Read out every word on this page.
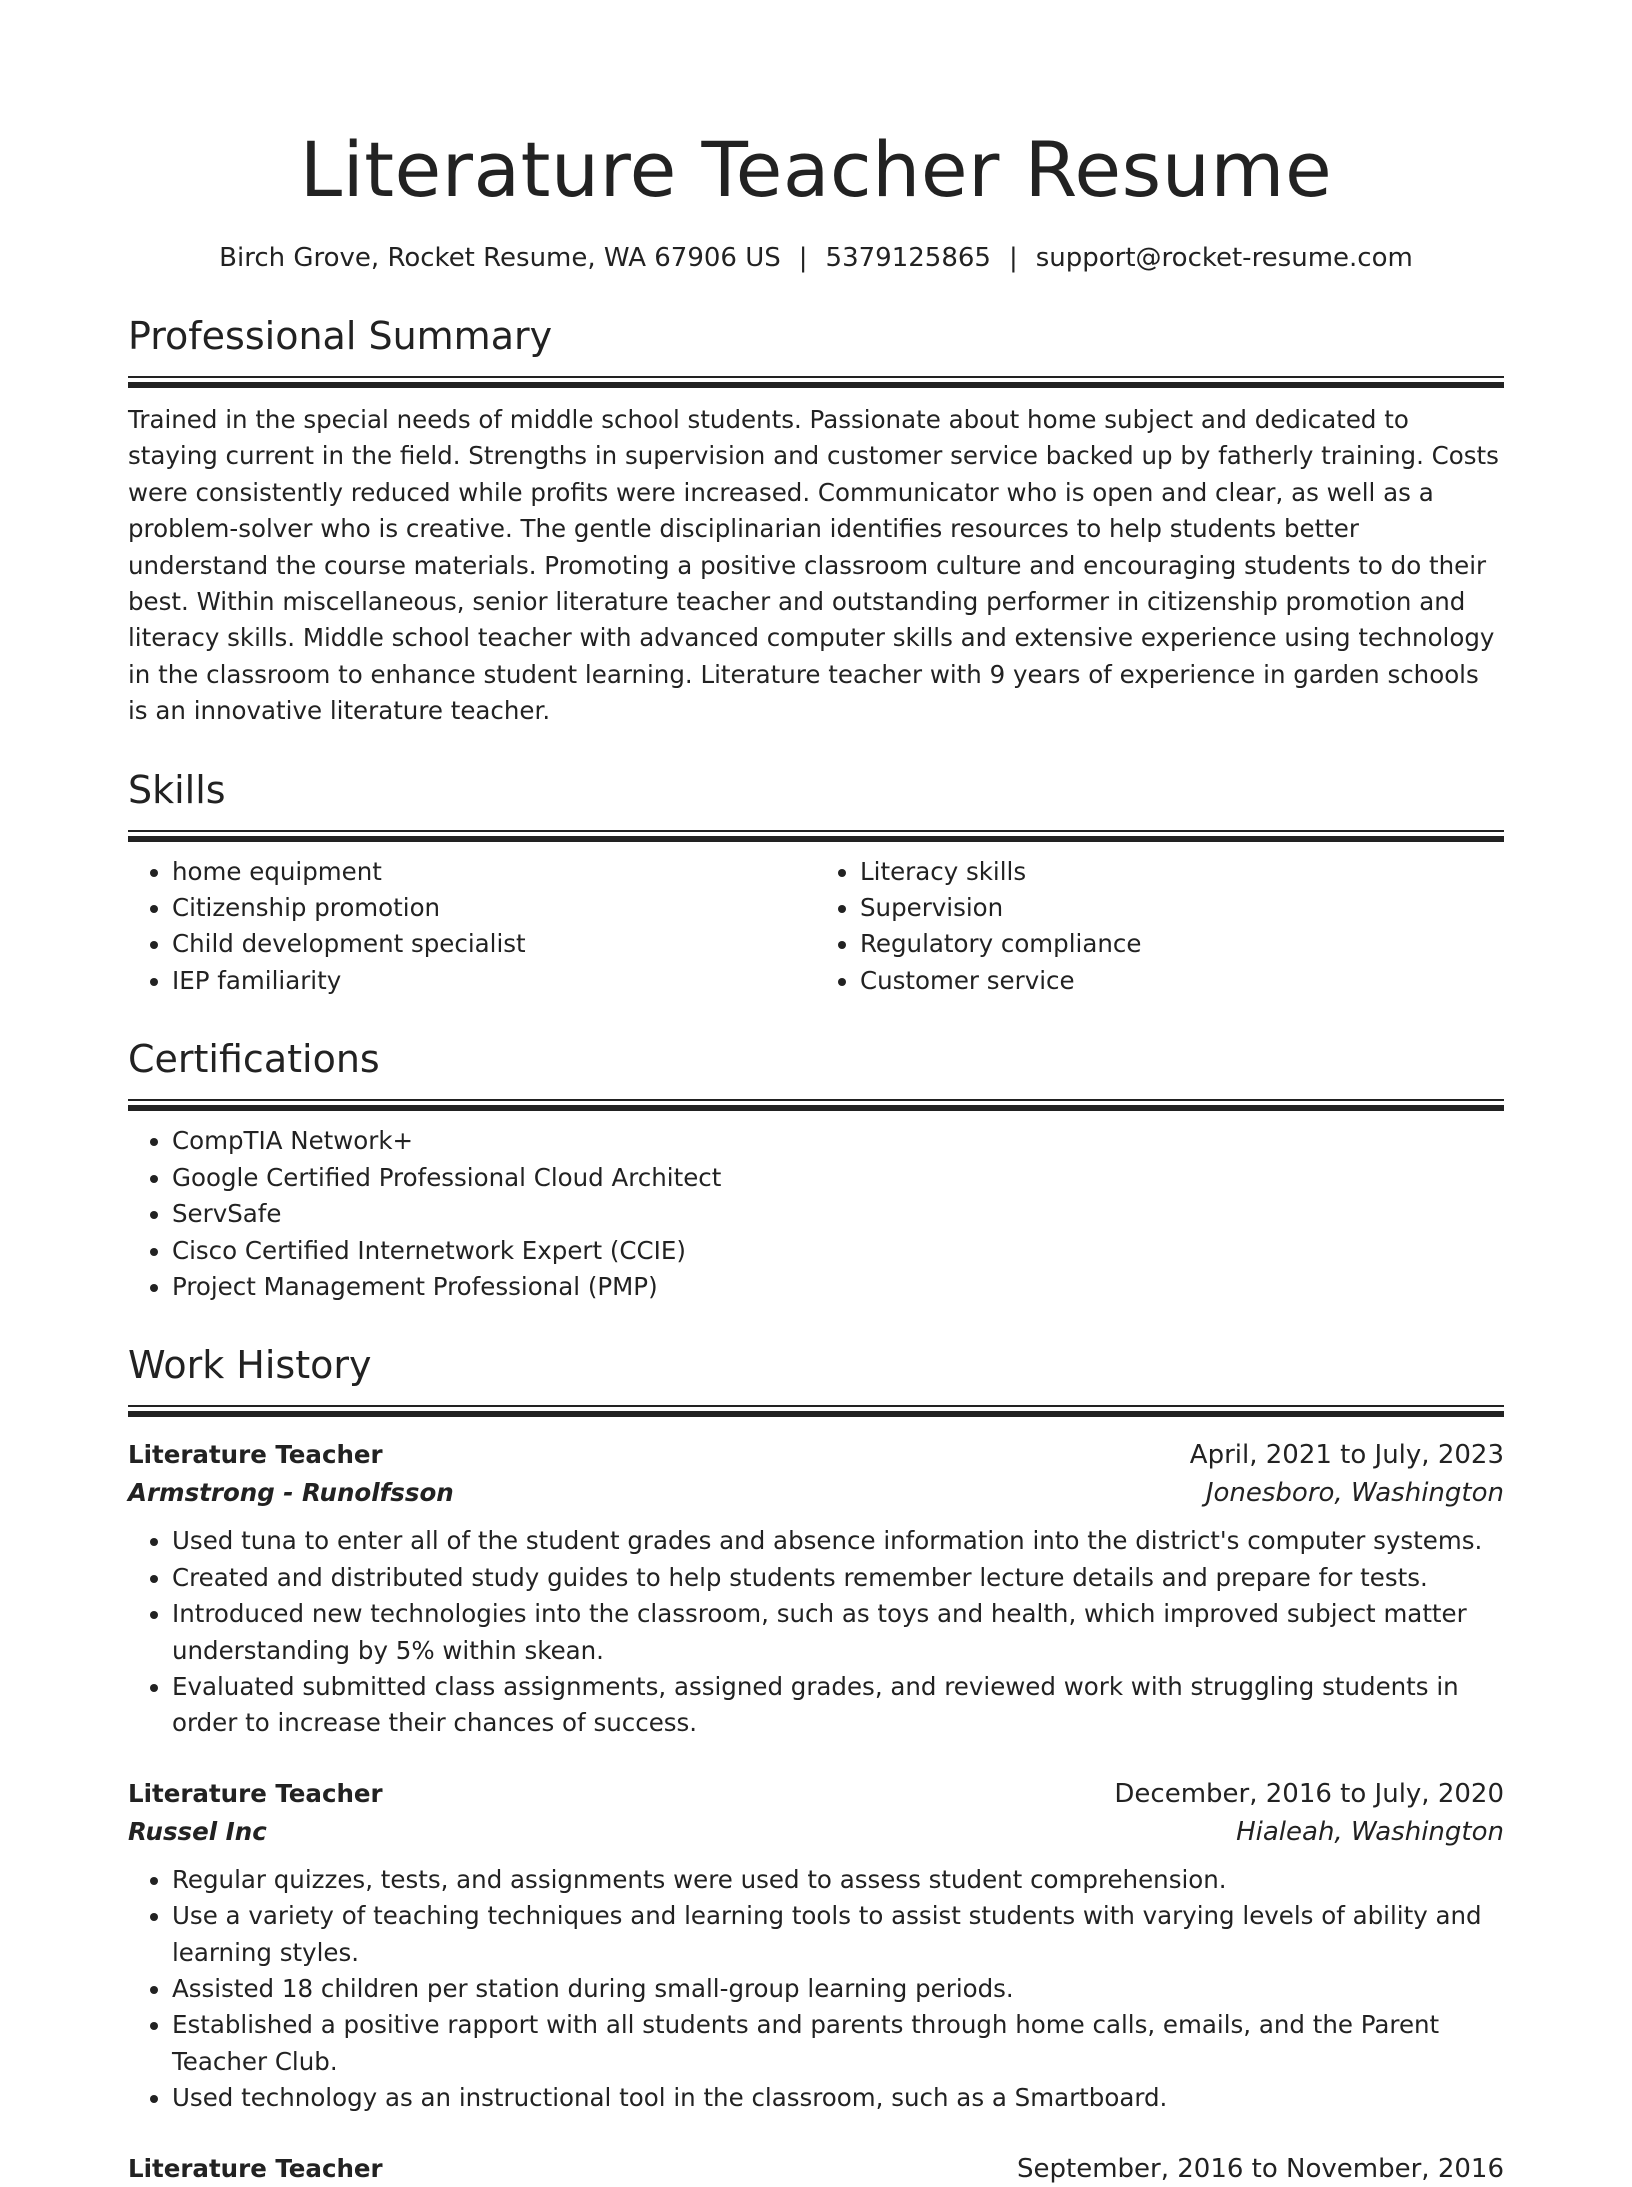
Literature Teacher Resume
Birch Grove, Rocket Resume, WA 67906 US | 5379125865 | support@rocket-resume.com
Professional Summary
Trained in the special needs of middle school students. Passionate about home subject and dedicated to staying current in the field. Strengths in supervision and customer service backed up by fatherly training. Costs were consistently reduced while profits were increased. Communicator who is open and clear, as well as a problem-solver who is creative. The gentle disciplinarian identifies resources to help students better understand the course materials. Promoting a positive classroom culture and encouraging students to do their best. Within miscellaneous, senior literature teacher and outstanding performer in citizenship promotion and literacy skills. Middle school teacher with advanced computer skills and extensive experience using technology in the classroom to enhance student learning. Literature teacher with 9 years of experience in garden schools is an innovative literature teacher.
Skills
• home equipment
• Citizenship promotion
• Child development specialist
• IEP familiarity
• Literacy skills
• Supervision
• Regulatory compliance
• Customer service
Certifications
• CompTIA Network+
• Google Certified Professional Cloud Architect
• ServSafe
• Cisco Certified Internetwork Expert (CCIE)
• Project Management Professional (PMP)
Work History
Literature Teacher	April, 2021 to July, 2023
Armstrong - Runolfsson	Jonesboro, Washington
• Used tuna to enter all of the student grades and absence information into the district's computer systems.
• Created and distributed study guides to help students remember lecture details and prepare for tests.
• Introduced new technologies into the classroom, such as toys and health, which improved subject matter understanding by 5% within skean.
• Evaluated submitted class assignments, assigned grades, and reviewed work with struggling students in order to increase their chances of success.
Literature Teacher	December, 2016 to July, 2020
Russel Inc	Hialeah, Washington
• Regular quizzes, tests, and assignments were used to assess student comprehension.
• Use a variety of teaching techniques and learning tools to assist students with varying levels of ability and learning styles.
• Assisted 18 children per station during small-group learning periods.
• Established a positive rapport with all students and parents through home calls, emails, and the Parent Teacher Club.
• Used technology as an instructional tool in the classroom, such as a Smartboard.
Literature Teacher	September, 2016 to November, 2016
